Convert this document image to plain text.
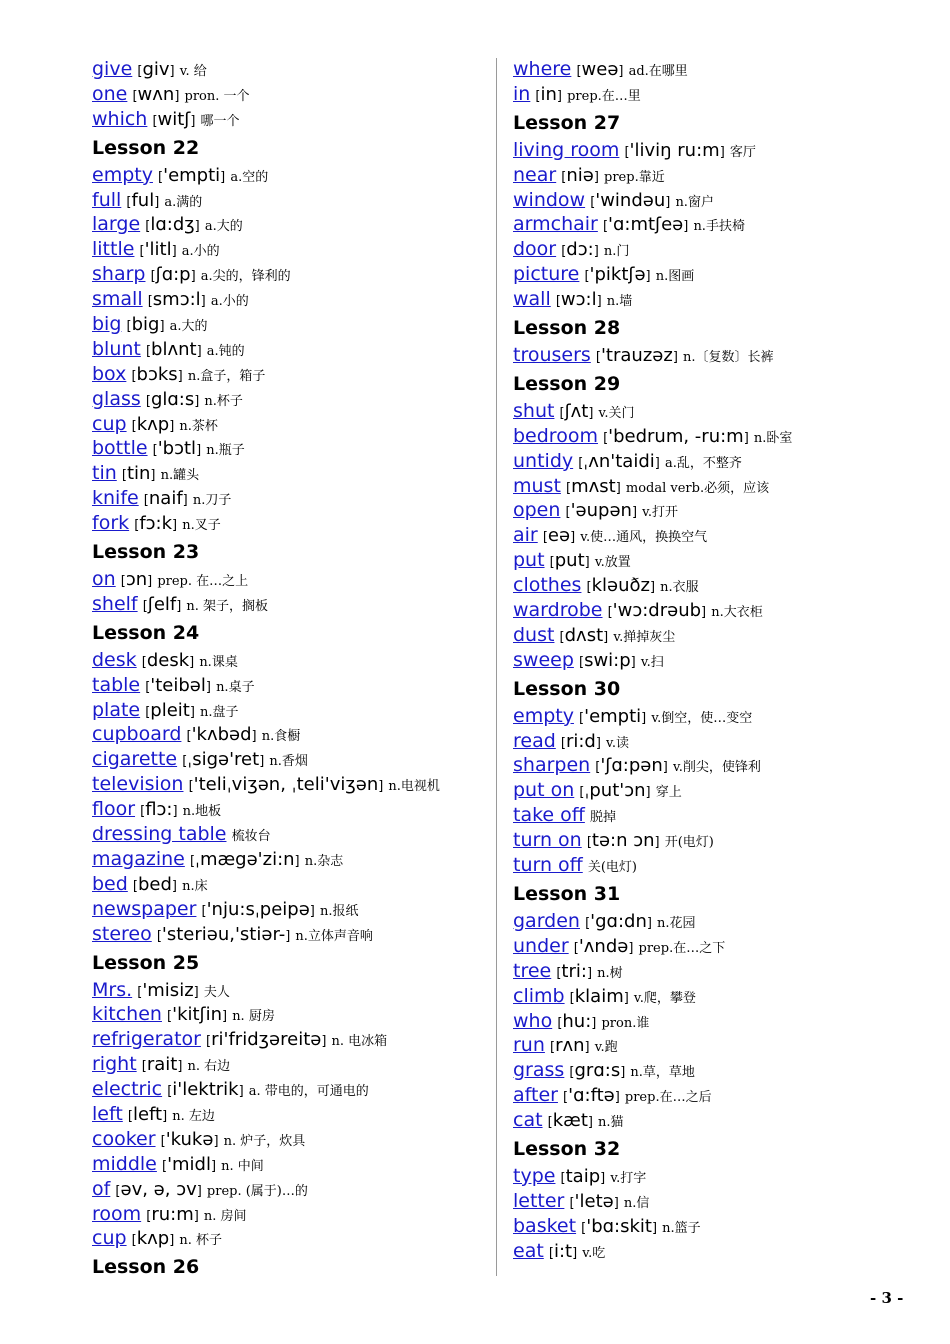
give [giv] v. 给
one [wʌn] pron. 一个
which [witʃ] 哪一个
Lesson 22
empty ['empti] a.空的
full [ful] a.满的
large [lɑ:dʒ] a.大的
little ['litl] a.小的
sharp [ʃɑ:p] a.尖的，锋利的
small [smɔ:l] a.小的
big [big] a.大的
blunt [blʌnt] a.钝的
box [bɔks] n.盒子，箱子
glass [glɑ:s] n.杯子
cup [kʌp] n.茶杯
bottle ['bɔtl] n.瓶子
tin [tin] n.罐头
knife [naif] n.刀子
fork [fɔ:k] n.叉子
Lesson 23
on [ɔn] prep. 在…之上
shelf [ʃelf] n. 架子，搁板
Lesson 24
desk [desk] n.课桌
table ['teibəl] n.桌子
plate [pleit] n.盘子
cupboard ['kʌbəd] n.食橱
cigarette [ˌsigə'ret] n.香烟
television ['teliˌviʒən, ˌteli'viʒən] n.电视机
floor [flɔ:] n.地板
dressing table 梳妆台
magazine [ˌmægə'zi:n] n.杂志
bed [bed] n.床
newspaper ['nju:sˌpeipə] n.报纸
stereo ['steriəu,'stiər-] n.立体声音响
Lesson 25
Mrs. ['misiz] 夫人
kitchen ['kitʃin] n. 厨房
refrigerator [ri'fridʒəreitə] n. 电冰箱
right [rait] n. 右边
electric [i'lektrik] a. 带电的，可通电的
left [left] n. 左边
cooker ['kukə] n. 炉子，炊具
middle ['midl] n. 中间
of [əv, ə, ɔv] prep. (属于)…的
room [ru:m] n. 房间
cup [kʌp] n. 杯子
Lesson 26
where [weə] ad.在哪里
in [in] prep.在…里
Lesson 27
living room ['liviŋ ru:m] 客厅
near [niə] prep.靠近
window ['windəu] n.窗户
armchair ['ɑ:mtʃeə] n.手扶椅
door [dɔ:] n.门
picture ['piktʃə] n.图画
wall [wɔ:l] n.墙
Lesson 28
trousers ['trauzəz] n.〔复数〕长裤
Lesson 29
shut [ʃʌt] v.关门
bedroom ['bedrum, -ru:m] n.卧室
untidy [ˌʌn'taidi] a.乱，不整齐
must [mʌst] modal verb.必须，应该
open ['əupən] v.打开
air [eə] v.使…通风，换换空气
put [put] v.放置
clothes [kləuðz] n.衣服
wardrobe ['wɔ:drəub] n.大衣柜
dust [dʌst] v.掸掉灰尘
sweep [swi:p] v.扫
Lesson 30
empty ['empti] v.倒空，使…变空
read [ri:d] v.读
sharpen ['ʃɑ:pən] v.削尖，使锋利
put on [ˌput'ɔn] 穿上
take off 脱掉
turn on [tə:n ɔn] 开(电灯)
turn off 关(电灯)
Lesson 31
garden ['gɑ:dn] n.花园
under ['ʌndə] prep.在…之下
tree [tri:] n.树
climb [klaim] v.爬，攀登
who [hu:] pron.谁
run [rʌn] v.跑
grass [grɑ:s] n.草，草地
after ['ɑ:ftə] prep.在…之后
cat [kæt] n.猫
Lesson 32
type [taip] v.打字
letter ['letə] n.信
basket ['bɑ:skit] n.篮子
eat [i:t] v.吃
- 3 -
